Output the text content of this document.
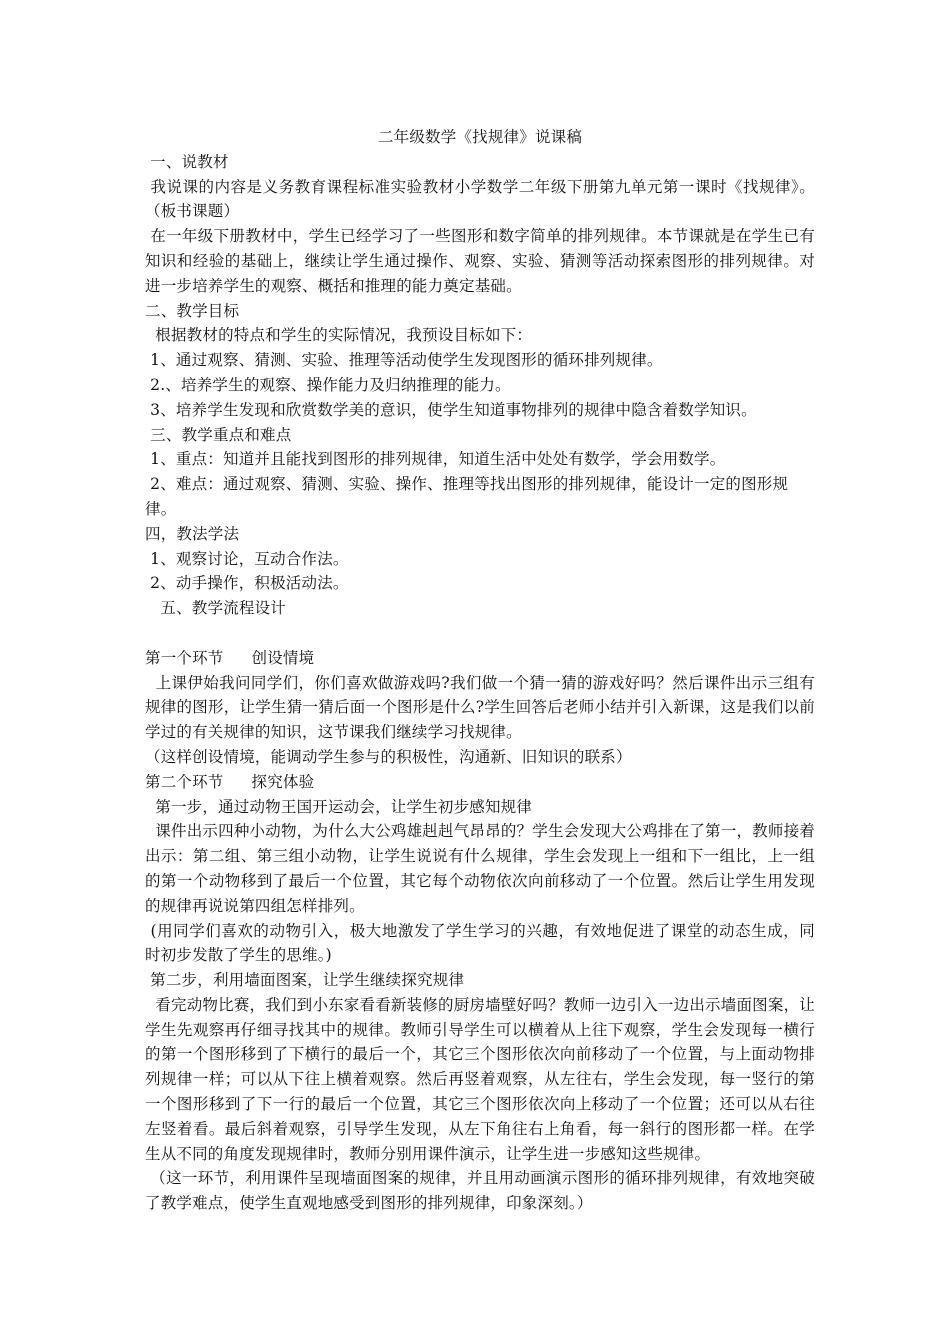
二年级数学《找规律》说课稿

一、说教材

我说课的内容是义务教育课程标准实验教材小学数学二年级下册第九单元第一课时《找规律》。（板书课题）

在一年级下册教材中，学生已经学习了一些图形和数字简单的排列规律。本节课就是在学生已有知识和经验的基础上，继续让学生通过操作、观察、实验、猜测等活动探索图形的排列规律。对进一步培养学生的观察、概括和推理的能力奠定基础。

二、教学目标

根据教材的特点和学生的实际情况，我预设目标如下：

1、通过观察、猜测、实验、推理等活动使学生发现图形的循环排列规律。

2.、培养学生的观察、操作能力及归纳推理的能力。

3、培养学生发现和欣赏数学美的意识，使学生知道事物排列的规律中隐含着数学知识。

三、教学重点和难点

1、重点：知道并且能找到图形的排列规律，知道生活中处处有数学，学会用数学。

2、难点：通过观察、猜测、实验、操作、推理等找出图形的排列规律，能设计一定的图形规律。

四，教法学法

1、观察讨论，互动合作法。

2、动手操作，积极活动法。

五、教学流程设计

第一个环节 创设情境

上课伊始我问同学们，你们喜欢做游戏吗?我们做一个猜一猜的游戏好吗？然后课件出示三组有规律的图形，让学生猜一猜后面一个图形是什么?学生回答后老师小结并引入新课，这是我们以前学过的有关规律的知识，这节课我们继续学习找规律。

（这样创设情境，能调动学生参与的积极性，沟通新、旧知识的联系）

第二个环节 探究体验

第一步，通过动物王国开运动会，让学生初步感知规律

课件出示四种小动物，为什么大公鸡雄赳赳气昂昂的？学生会发现大公鸡排在了第一，教师接着出示：第二组、第三组小动物，让学生说说有什么规律，学生会发现上一组和下一组比，上一组的第一个动物移到了最后一个位置，其它每个动物依次向前移动了一个位置。然后让学生用发现的规律再说说第四组怎样排列。

(用同学们喜欢的动物引入，极大地激发了学生学习的兴趣，有效地促进了课堂的动态生成，同时初步发散了学生的思维。)

第二步，利用墙面图案，让学生继续探究规律

看完动物比赛，我们到小东家看看新装修的厨房墙壁好吗？教师一边引入一边出示墙面图案，让学生先观察再仔细寻找其中的规律。教师引导学生可以横着从上往下观察，学生会发现每一横行的第一个图形移到了下横行的最后一个，其它三个图形依次向前移动了一个位置，与上面动物排列规律一样；可以从下往上横着观察。然后再竖着观察，从左往右，学生会发现，每一竖行的第一个图形移到了下一行的最后一个位置，其它三个图形依次向上移动了一个位置；还可以从右往左竖着看。最后斜着观察，引导学生发现，从左下角往右上角看，每一斜行的图形都一样。在学生从不同的角度发现规律时，教师分别用课件演示，让学生进一步感知这些规律。

（这一环节，利用课件呈现墙面图案的规律，并且用动画演示图形的循环排列规律，有效地突破了教学难点，使学生直观地感受到图形的排列规律，印象深刻。）
